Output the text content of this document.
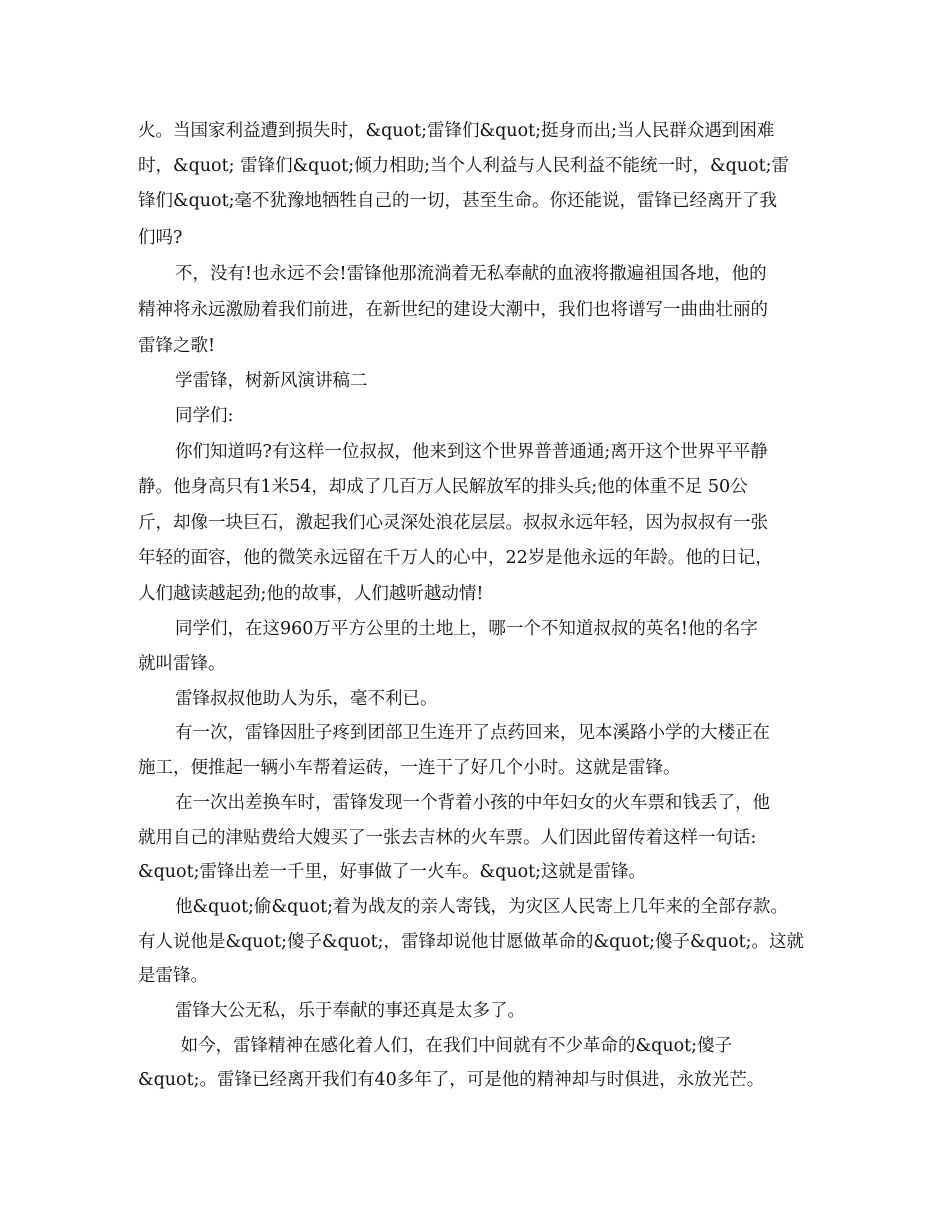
火。当国家利益遭到损失时，&quot;雷锋们&quot;挺身而出;当人民群众遇到困难
时，&quot; 雷锋们&quot;倾力相助;当个人利益与人民利益不能统一时，&quot;雷
锋们&quot;毫不犹豫地牺牲自己的一切，甚至生命。你还能说，雷锋已经离开了我
们吗?
不，没有!也永远不会!雷锋他那流淌着无私奉献的血液将撒遍祖国各地，他的
精神将永远激励着我们前进，在新世纪的建设大潮中，我们也将谱写一曲曲壮丽的
雷锋之歌!
学雷锋，树新风演讲稿二
同学们:
你们知道吗?有这样一位叔叔，他来到这个世界普普通通;离开这个世界平平静
静。他身高只有1米54，却成了几百万人民解放军的排头兵;他的体重不足 50公
斤，却像一块巨石，激起我们心灵深处浪花层层。叔叔永远年轻，因为叔叔有一张
年轻的面容，他的微笑永远留在千万人的心中，22岁是他永远的年龄。他的日记，
人们越读越起劲;他的故事，人们越听越动情!
同学们，在这960万平方公里的土地上，哪一个不知道叔叔的英名!他的名字
就叫雷锋。
雷锋叔叔他助人为乐，毫不利已。
有一次，雷锋因肚子疼到团部卫生连开了点药回来，见本溪路小学的大楼正在
施工，便推起一辆小车帮着运砖，一连干了好几个小时。这就是雷锋。
在一次出差换车时，雷锋发现一个背着小孩的中年妇女的火车票和钱丢了，他
就用自己的津贴费给大嫂买了一张去吉林的火车票。人们因此留传着这样一句话:
&quot;雷锋出差一千里，好事做了一火车。&quot;这就是雷锋。
他&quot;偷&quot;着为战友的亲人寄钱，为灾区人民寄上几年来的全部存款。
有人说他是&quot;傻子&quot;，雷锋却说他甘愿做革命的&quot;傻子&quot;。这就
是雷锋。
雷锋大公无私，乐于奉献的事还真是太多了。
如今，雷锋精神在感化着人们，在我们中间就有不少革命的&quot;傻子
&quot;。雷锋已经离开我们有40多年了，可是他的精神却与时俱进，永放光芒。
